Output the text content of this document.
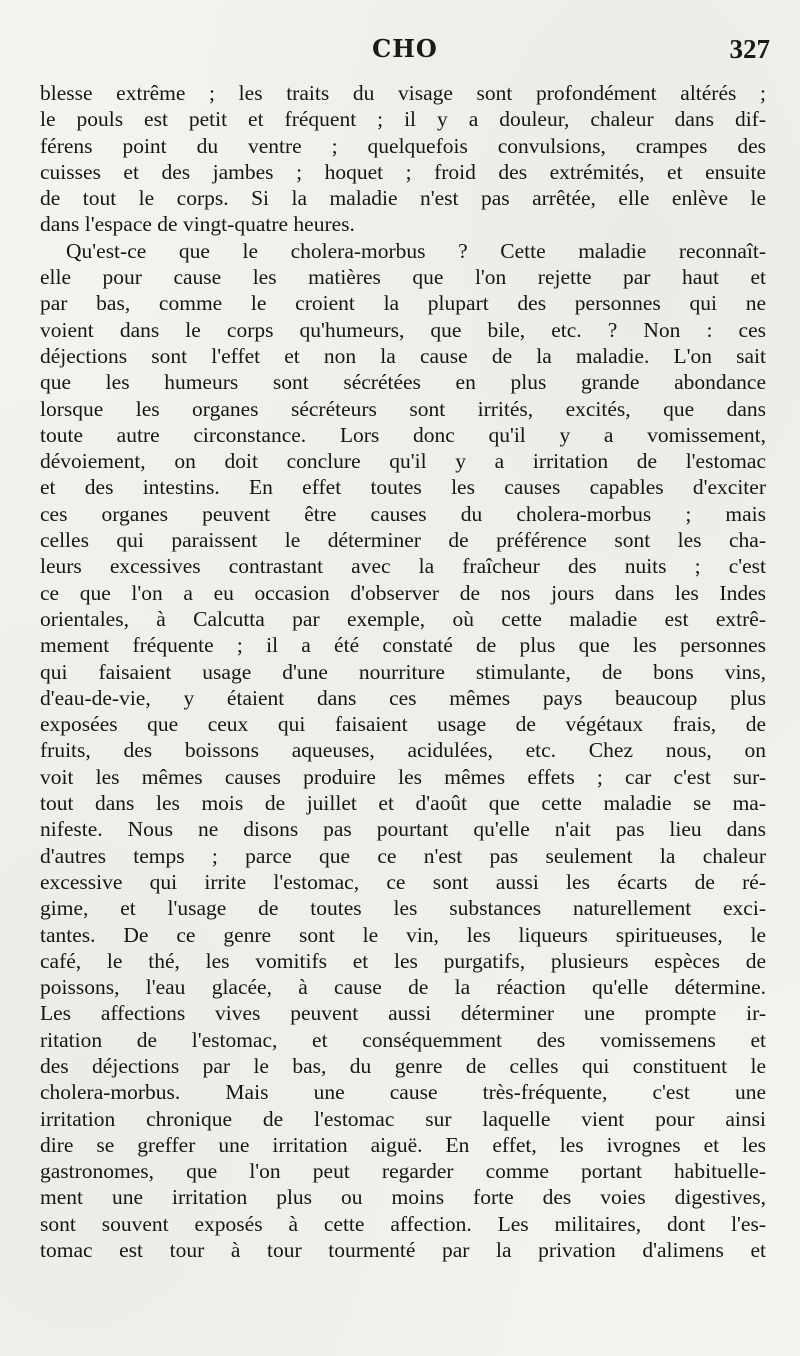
CHO	327
blesse extrême ; les traits du visage sont profondément altérés ;
le pouls est petit et fréquent ; il y a douleur, chaleur dans dif-
férens point du ventre ; quelquefois convulsions, crampes des
cuisses et des jambes ; hoquet ; froid des extrémités, et ensuite
de tout le corps. Si la maladie n'est pas arrêtée, elle enlève le
dans l'espace de vingt-quatre heures.
Qu'est-ce que le cholera-morbus ? Cette maladie reconnaît-
elle pour cause les matières que l'on rejette par haut et
par bas, comme le croient la plupart des personnes qui ne
voient dans le corps qu'humeurs, que bile, etc. ? Non : ces
déjections sont l'effet et non la cause de la maladie. L'on sait
que les humeurs sont sécrétées en plus grande abondance
lorsque les organes sécréteurs sont irrités, excités, que dans
toute autre circonstance. Lors donc qu'il y a vomissement,
dévoiement, on doit conclure qu'il y a irritation de l'estomac
et des intestins. En effet toutes les causes capables d'exciter
ces organes peuvent être causes du cholera-morbus ; mais
celles qui paraissent le déterminer de préférence sont les cha-
leurs excessives contrastant avec la fraîcheur des nuits ; c'est
ce que l'on a eu occasion d'observer de nos jours dans les Indes
orientales, à Calcutta par exemple, où cette maladie est extrê-
mement fréquente ; il a été constaté de plus que les personnes
qui faisaient usage d'une nourriture stimulante, de bons vins,
d'eau-de-vie, y étaient dans ces mêmes pays beaucoup plus
exposées que ceux qui faisaient usage de végétaux frais, de
fruits, des boissons aqueuses, acidulées, etc. Chez nous, on
voit les mêmes causes produire les mêmes effets ; car c'est sur-
tout dans les mois de juillet et d'août que cette maladie se ma-
nifeste. Nous ne disons pas pourtant qu'elle n'ait pas lieu dans
d'autres temps ; parce que ce n'est pas seulement la chaleur
excessive qui irrite l'estomac, ce sont aussi les écarts de ré-
gime, et l'usage de toutes les substances naturellement exci-
tantes. De ce genre sont le vin, les liqueurs spiritueuses, le
café, le thé, les vomitifs et les purgatifs, plusieurs espèces de
poissons, l'eau glacée, à cause de la réaction qu'elle détermine.
Les affections vives peuvent aussi déterminer une prompte ir-
ritation de l'estomac, et conséquemment des vomissemens et
des déjections par le bas, du genre de celles qui constituent le
cholera-morbus. Mais une cause très-fréquente, c'est une
irritation chronique de l'estomac sur laquelle vient pour ainsi
dire se greffer une irritation aiguë. En effet, les ivrognes et les
gastronomes, que l'on peut regarder comme portant habituelle-
ment une irritation plus ou moins forte des voies digestives,
sont souvent exposés à cette affection. Les militaires, dont l'es-
tomac est tour à tour tourmenté par la privation d'alimens et
